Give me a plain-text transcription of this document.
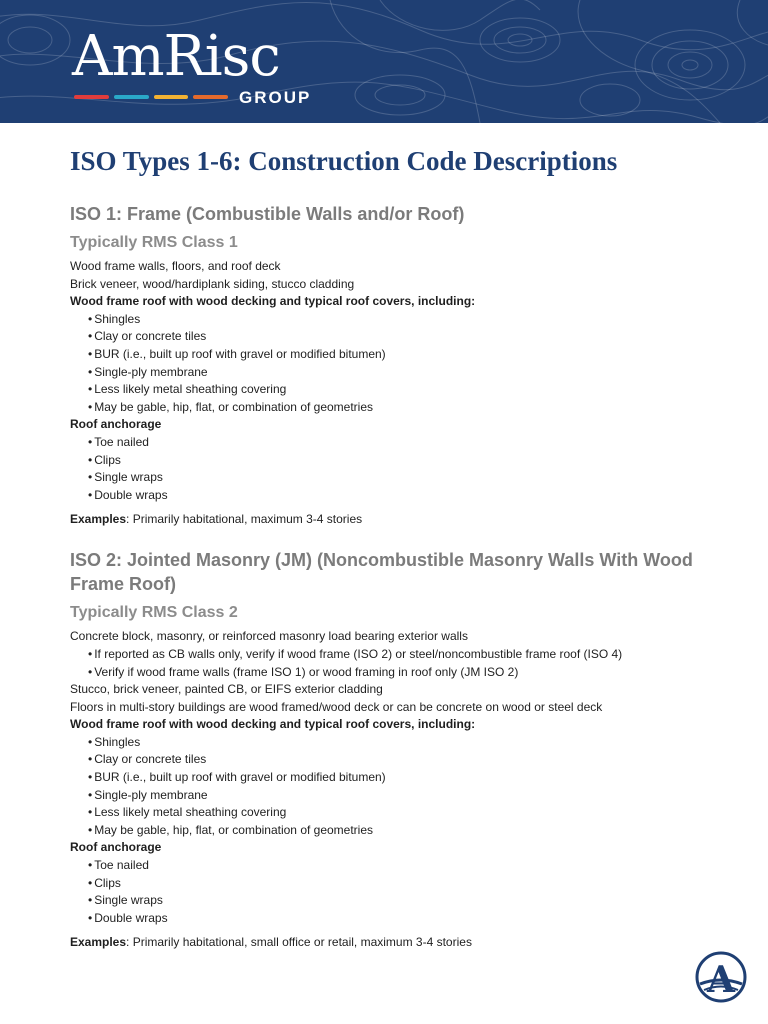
AmRisc
GROUP
ISO Types 1-6: Construction Code Descriptions
ISO 1: Frame (Combustible Walls and/or Roof)
Typically RMS Class 1

Wood frame walls, floors, and roof deck

Brick veneer, wood/hardiplank siding, stucco cladding

Wood frame roof with wood decking and typical roof covers, including:

• Shingles
• Clay or concrete tiles
• BUR (i.e., built up roof with gravel or modified bitumen)
• Single-ply membrane
• Less likely metal sheathing covering
• May be gable, hip, flat, or combination of geometries

Roof anchorage

• Toe nailed
• Clips
• Single wraps
• Double wraps
Examples: Primarily habitational, maximum 3-4 stories
ISO 2: Jointed Masonry (JM) (Noncombustible Masonry Walls With Wood Frame Roof)
Typically RMS Class 2

Concrete block, masonry, or reinforced masonry load bearing exterior walls

• If reported as CB walls only, verify if wood frame (ISO 2) or steel/noncombustible frame roof (ISO 4)
• Verify if wood frame walls (frame ISO 1) or wood framing in roof only (JM ISO 2)

Stucco, brick veneer, painted CB, or EIFS exterior cladding

Floors in multi-story buildings are wood framed/wood deck or can be concrete on wood or steel deck

Wood frame roof with wood decking and typical roof covers, including:

• Shingles
• Clay or concrete tiles
• BUR (i.e., built up roof with gravel or modified bitumen)
• Single-ply membrane
• Less likely metal sheathing covering
• May be gable, hip, flat, or combination of geometries

Roof anchorage

• Toe nailed
• Clips
• Single wraps
• Double wraps
Examples: Primarily habitational, small office or retail, maximum 3-4 stories
A
